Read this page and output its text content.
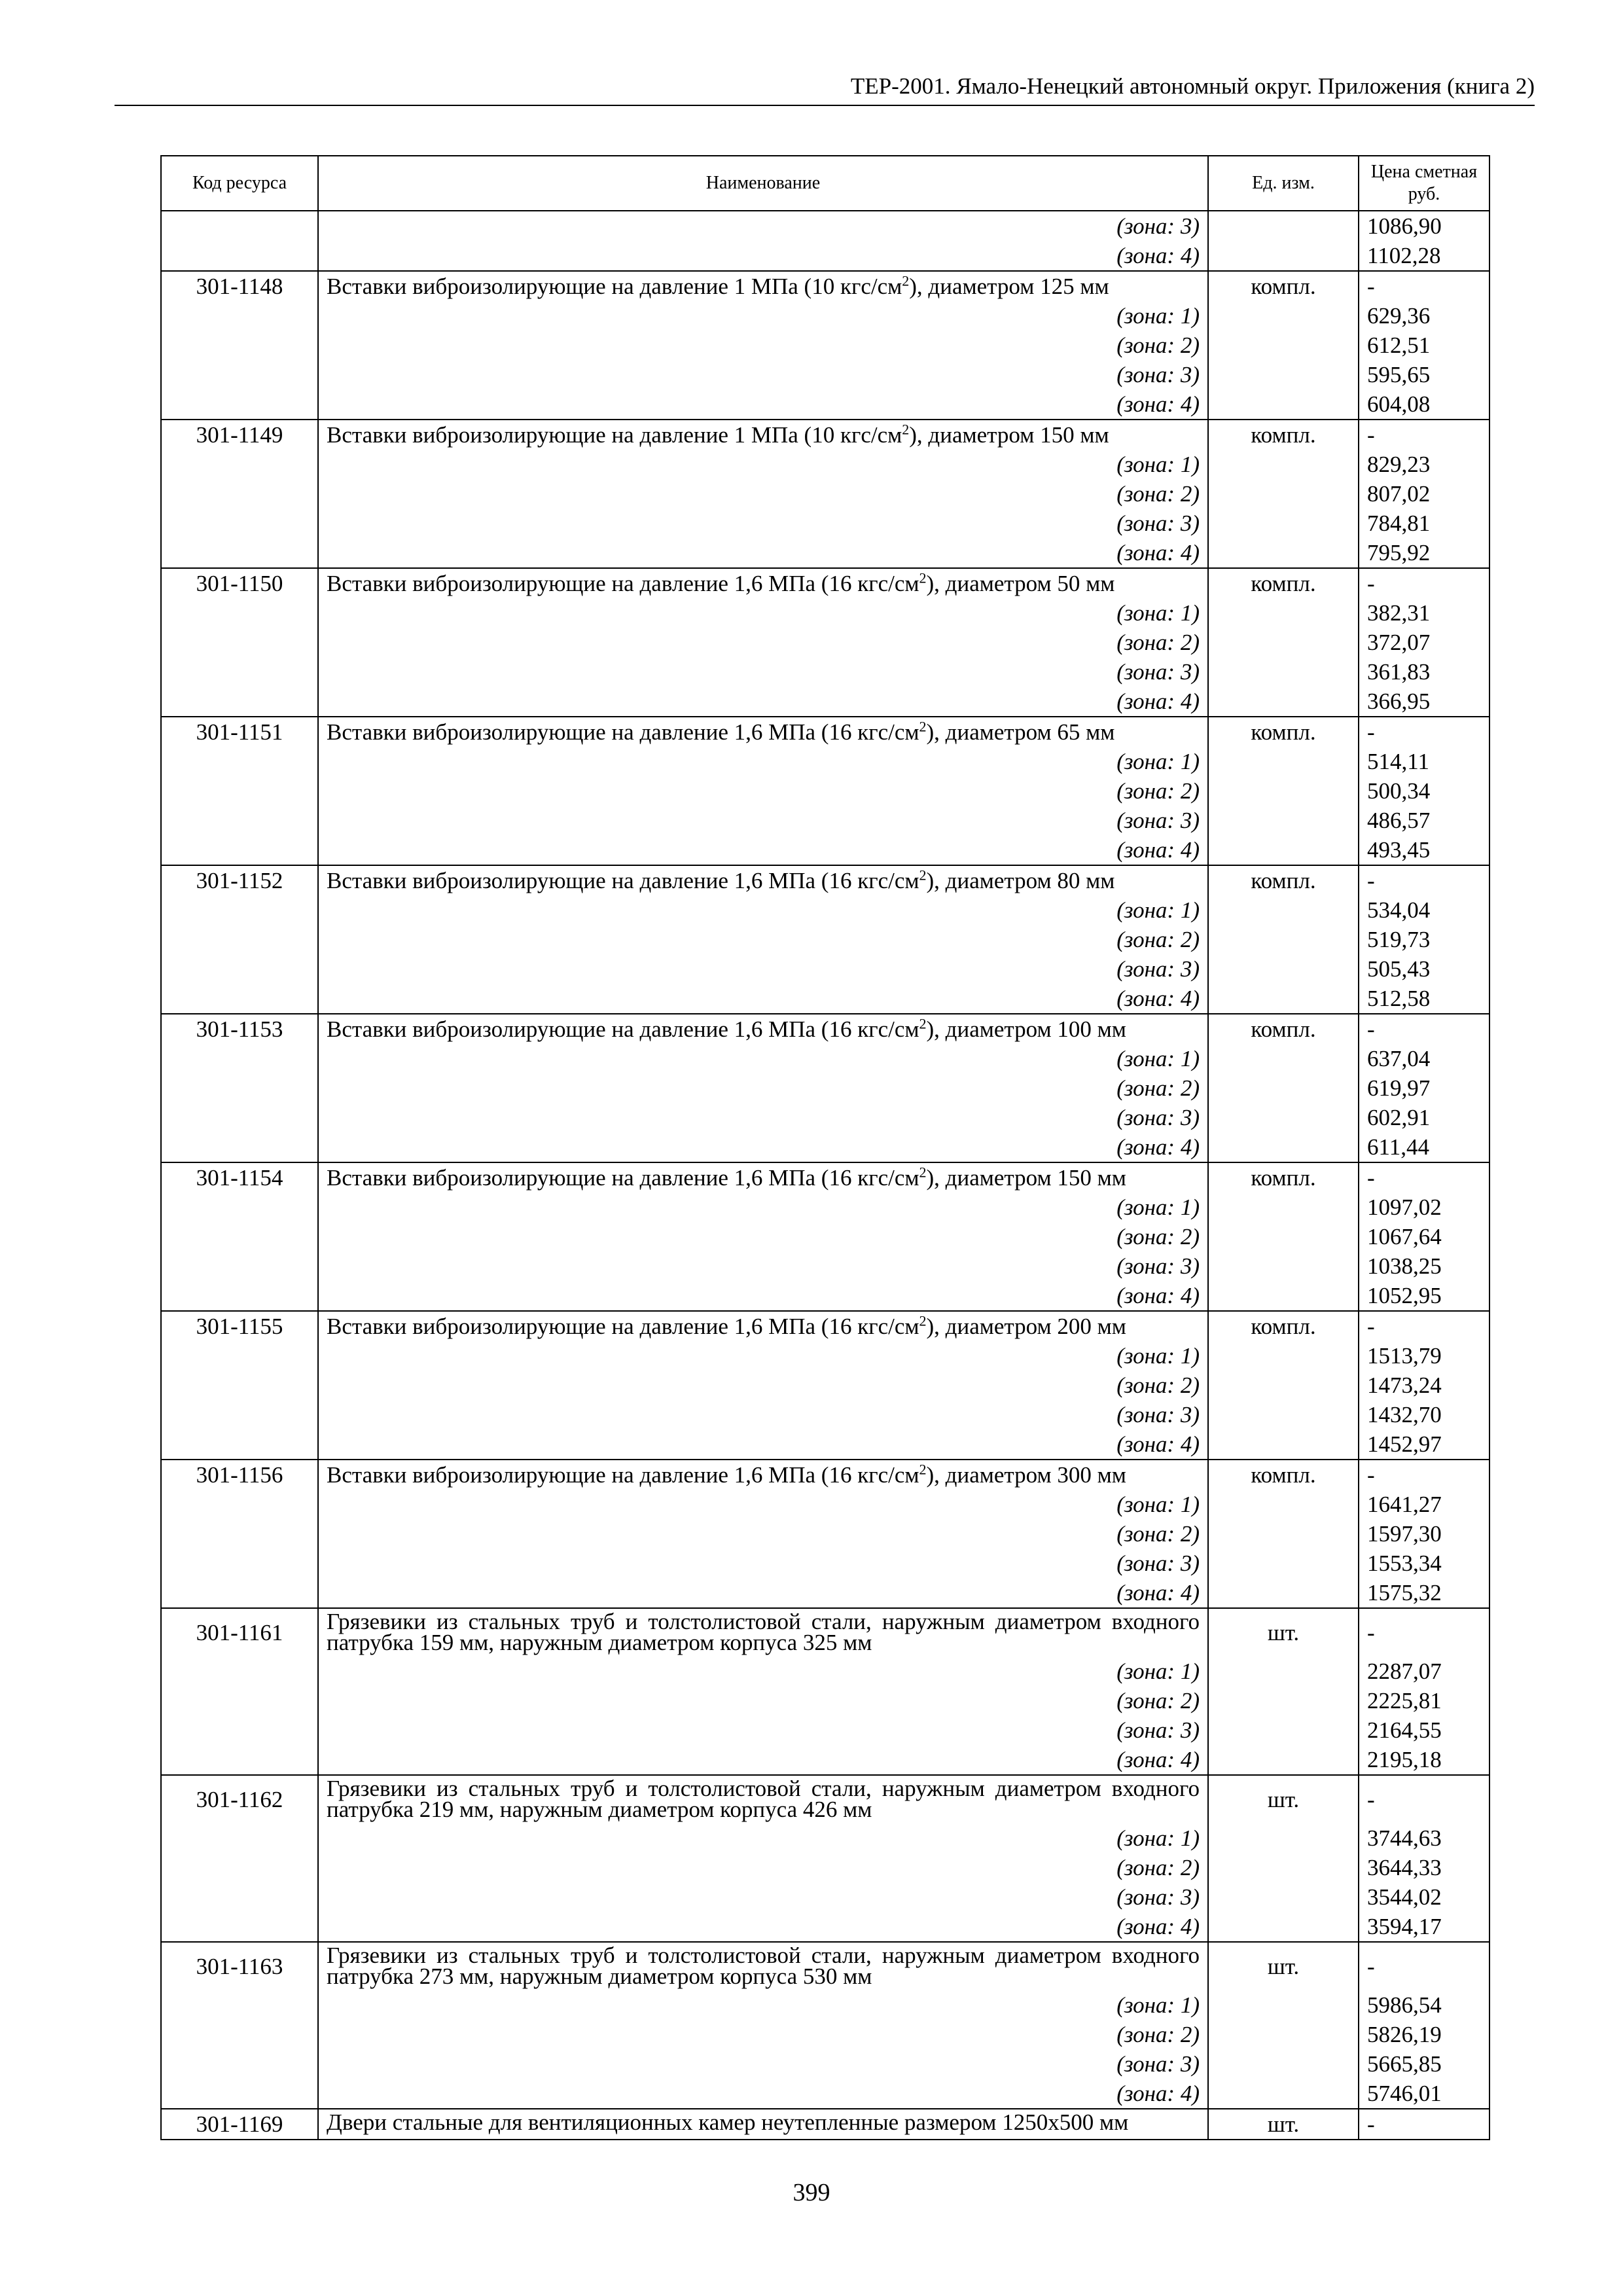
ТЕР-2001. Ямало-Ненецкий автономный округ. Приложения (книга 2)
Код ресурса	Наименование	Ед. изм.	Цена сметная руб.
	(зона: 3)		1086,90
	(зона: 4)		1102,28
301-1148	Вставки виброизолирующие на давление 1 МПа (10 кгс/$см^2$), диаметром 125 мм	компл.	-
	(зона: 1)		629,36
	(зона: 2)		612,51
	(зона: 3)		595,65
	(зона: 4)		604,08
301-1149	Вставки виброизолирующие на давление 1 МПа (10 кгс/$см^2$), диаметром 150 мм	компл.	-
	(зона: 1)		829,23
	(зона: 2)		807,02
	(зона: 3)		784,81
	(зона: 4)		795,92
301-1150	Вставки виброизолирующие на давление 1,6 МПа (16 кгс/$см^2$), диаметром 50 мм	компл.	-
	(зона: 1)		382,31
	(зона: 2)		372,07
	(зона: 3)		361,83
	(зона: 4)		366,95
301-1151	Вставки виброизолирующие на давление 1,6 МПа (16 кгс/$см^2$), диаметром 65 мм	компл.	-
	(зона: 1)		514,11
	(зона: 2)		500,34
	(зона: 3)		486,57
	(зона: 4)		493,45
301-1152	Вставки виброизолирующие на давление 1,6 МПа (16 кгс/$см^2$), диаметром 80 мм	компл.	-
	(зона: 1)		534,04
	(зона: 2)		519,73
	(зона: 3)		505,43
	(зона: 4)		512,58
301-1153	Вставки виброизолирующие на давление 1,6 МПа (16 кгс/$см^2$), диаметром 100 мм	компл.	-
	(зона: 1)		637,04
	(зона: 2)		619,97
	(зона: 3)		602,91
	(зона: 4)		611,44
301-1154	Вставки виброизолирующие на давление 1,6 МПа (16 кгс/$см^2$), диаметром 150 мм	компл.	-
	(зона: 1)		1097,02
	(зона: 2)		1067,64
	(зона: 3)		1038,25
	(зона: 4)		1052,95
301-1155	Вставки виброизолирующие на давление 1,6 МПа (16 кгс/$см^2$), диаметром 200 мм	компл.	-
	(зона: 1)		1513,79
	(зона: 2)		1473,24
	(зона: 3)		1432,70
	(зона: 4)		1452,97
301-1156	Вставки виброизолирующие на давление 1,6 МПа (16 кгс/$см^2$), диаметром 300 мм	компл.	-
	(зона: 1)		1641,27
	(зона: 2)		1597,30
	(зона: 3)		1553,34
	(зона: 4)		1575,32
301-1161	Грязевики из стальных труб и толстолистовой стали, наружным диаметром входного патрубка 159 мм, наружным диаметром корпуса 325 мм	шт.	-
	(зона: 1)		2287,07
	(зона: 2)		2225,81
	(зона: 3)		2164,55
	(зона: 4)		2195,18
301-1162	Грязевики из стальных труб и толстолистовой стали, наружным диаметром входного патрубка 219 мм, наружным диаметром корпуса 426 мм	шт.	-
	(зона: 1)		3744,63
	(зона: 2)		3644,33
	(зона: 3)		3544,02
	(зона: 4)		3594,17
301-1163	Грязевики из стальных труб и толстолистовой стали, наружным диаметром входного патрубка 273 мм, наружным диаметром корпуса 530 мм	шт.	-
	(зона: 1)		5986,54
	(зона: 2)		5826,19
	(зона: 3)		5665,85
	(зона: 4)		5746,01
301-1169	Двери стальные для вентиляционных камер неутепленные размером 1250x500 мм	шт.	-
399
